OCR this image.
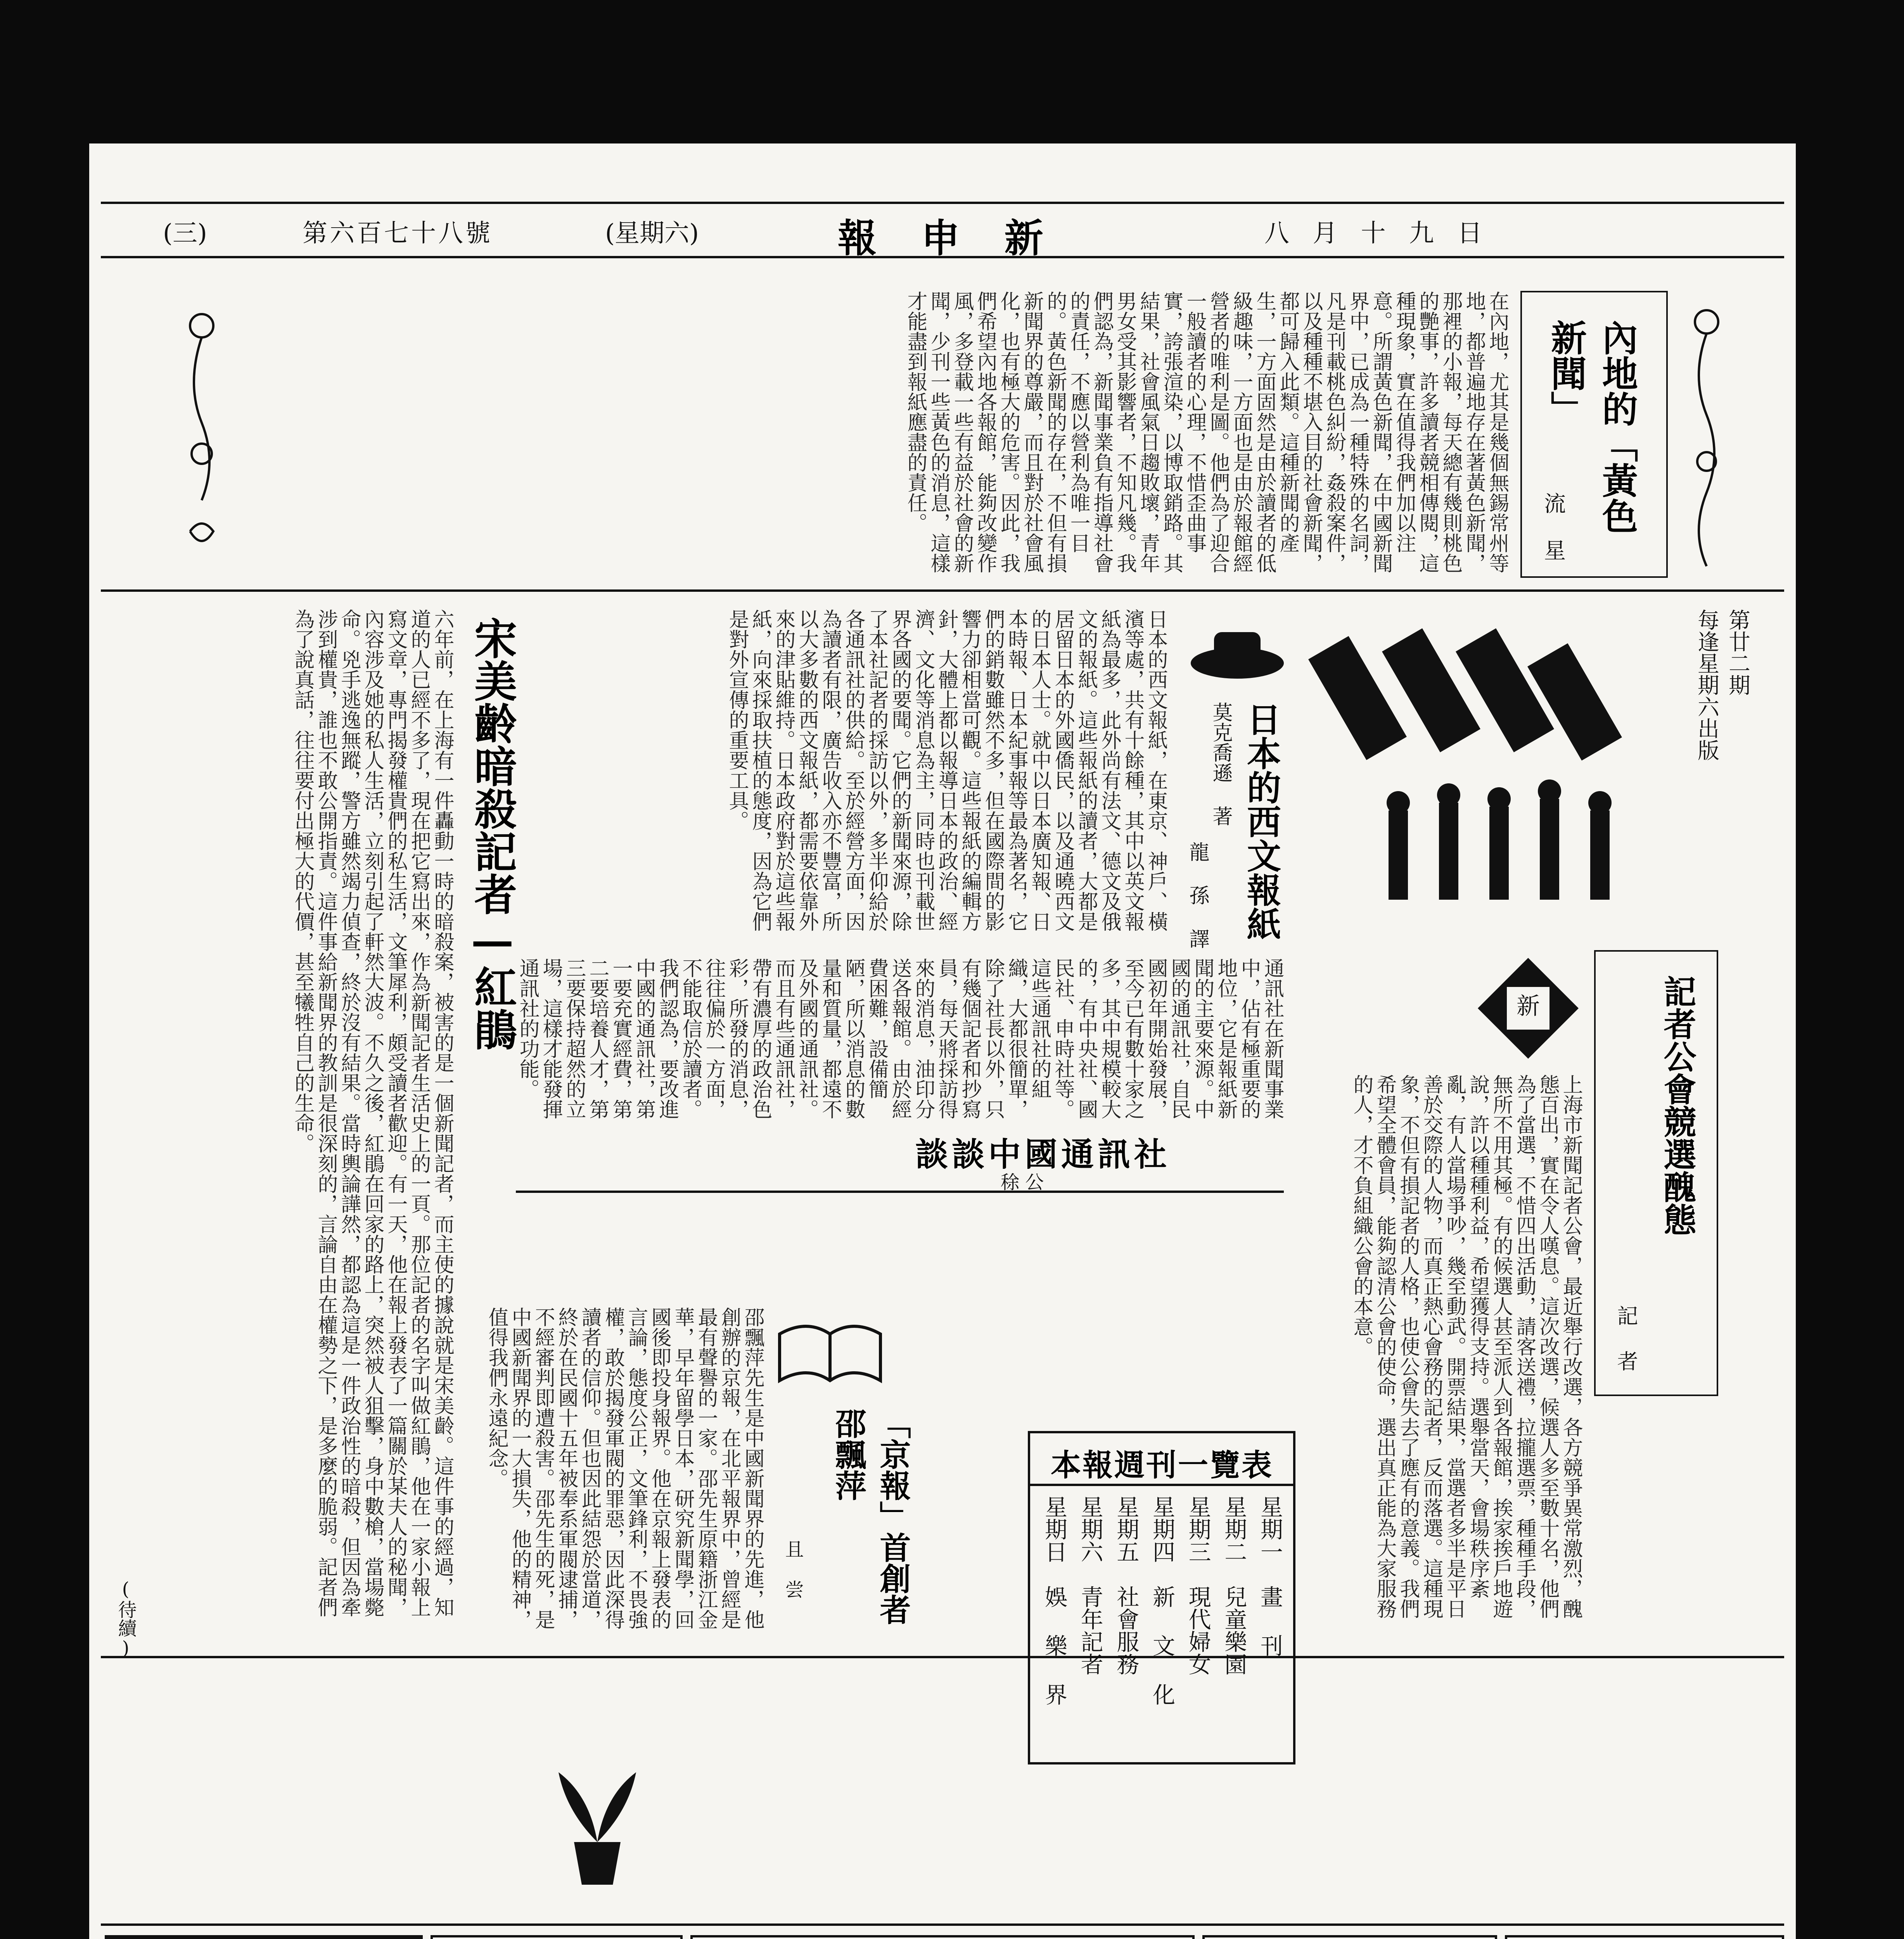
(三)	第六百七十八號	(星期六)	報 申 新	八 月 十 九 日
內地的「黃色新聞」
流 星
在內地，尤其是幾個無錫常州等地，都普遍地存在著黃色新聞，那裡的小報，每天總有幾則桃色的艷事，許多讀者競相傳閱，這種現象，實在值得我們加以注意。所謂黃色新聞，在中國新聞界中，已成為一種特殊的名詞，凡是刊載桃色糾紛，姦殺案件，以及種種不堪入目的社會新聞，都可歸入此類。這種新聞的產生，一方面固然是由於讀者的低級趣味，一方面也是由於報館經營者的唯利是圖。他們為了迎合一般讀者的心理，不惜歪曲事實，誇張渲染，以博取銷路。其結果，社會風氣日趨敗壞，青年男女受其影響者，不知凡幾。我們認為，新聞事業負有指導社會的責任，不應以營利為唯一目的。黃色新聞的存在，不但有損新聞界的尊嚴，而且對於社會風化，也有極大的危害。因此，我們希望內地各報館，能夠改變作風，多登載一些有益於社會的新聞，少刊一些黃色的消息，這樣才能盡到報紙應盡的責任。
第廿二期
每逢星期六出版
記者公會競選醜態
記 者
新
上海市新聞記者公會，最近舉行改選，各方競爭異常激烈，醜態百出，實在令人嘆息。這次改選，候選人多至數十名，他們為了當選，不惜四出活動，請客送禮，拉攏選票，種種手段，無所不用其極。有的候選人甚至派人到各報館，挨家挨戶地遊說，許以種種利益，希望獲得支持。選舉當天，會場秩序紊亂，有人當場爭吵，幾至動武。開票結果，當選者多半是平日善於交際的人物，而真正熱心會務的記者，反而落選。這種現象，不但有損記者的人格，也使公會失去了應有的意義。我們希望全體會員，能夠認清公會的使命，選出真正能為大家服務的人，才不負組織公會的本意。
日本的西文報紙
莫克喬遜 著
龍 孫 譯
日本的西文報紙，在東京、神戶、橫濱等處，共有十餘種，其中以英文報紙為最多，此外尚有法文、德文及俄文的報紙。這些報紙的讀者，大都是居留日本的外國僑民，以及通曉西文的日本人士。就中以日本廣知報、日本時報、日本紀事報等最為著名，它們的銷數雖然不多，但在國際間的影響力卻相當可觀。這些報紙的編輯方針，大體上都以報導日本的政治、經濟、文化等消息為主，同時也刊載世界各國的要聞。它們的新聞來源，除了本社記者的採訪以外，多半仰給於各通訊社的供給。至於經營方面，因為讀者有限，廣告收入亦不豐富，所以大多數的西文報紙，都需要依靠外來的津貼維持。日本政府對於這些報紙，向來採取扶植的態度，因為它們是對外宣傳的重要工具。
談談中國通訊社
稌 公
通訊社在新聞事業中，佔有極重要的地位，它是報紙新聞的主要來源。中國的通訊社，自民國初年開始發展，至今已有數十家之多，其中規模較大的，有中央社、國民社、申時社等。這些通訊社的組織，大都很簡單，除了社長以外，只有幾個記者和抄寫員，每天將採訪得來的消息，油印分送各報館。由於經費困難，設備簡陋，所以消息的數量和質量，都遠不及外國的通訊社。而且有些通訊社，帶有濃厚的政治色彩，所發的消息，往往偏於一方面，不能取信於讀者。我們認為，要改進中國的通訊社，第一要充實經費，第二要培養人才，第三要保持超然的立場，這樣才能發揮通訊社的功能。
宋美齡暗殺記者—紅鵑
六年前，在上海有一件轟動一時的暗殺案，被害的是一個新聞記者，而主使的據說就是宋美齡。這件事的經過，知道的人已經不多了，現在把它寫出來，作為新聞記者生活史上的一頁。那位記者的名字叫做紅鵑，他在一家小報上寫文章，專門揭發權貴們的私生活，文筆犀利，頗受讀者歡迎。有一天，他在報上發表了一篇關於某夫人的秘聞，內容涉及她的私人生活，立刻引起了軒然大波。不久之後，紅鵑在回家的路上，突然被人狙擊，身中數槍，當場斃命。兇手逃逸無蹤，警方雖然竭力偵查，終於沒有結果。當時輿論譁然，都認為這是一件政治性的暗殺，但因為牽涉到權貴，誰也不敢公開指責。這件事給新聞界的教訓是很深刻的，言論自由在權勢之下，是多麼的脆弱。記者們為了說真話，往往要付出極大的代價，甚至犧牲自己的生命。
(待續)	「京報」首創者邵飄萍
且 尝
邵飄萍先生是中國新聞界的先進，他創辦的京報，在北平報界中，曾經是最有聲譽的一家。邵先生原籍浙江金華，早年留學日本，研究新聞學，回國後即投身報界。他在京報上發表的言論，態度公正，文筆鋒利，不畏強權，敢於揭發軍閥的罪惡，因此深得讀者的信仰。但也因此結怨於當道，終於在民國十五年被奉系軍閥逮捕，不經審判即遭殺害。邵先生的死，是中國新聞界的一大損失，他的精神，值得我們永遠紀念。	本報週刊一覽表
星期一　畫 刊
星期二　兒童樂園
星期三　現代婦女
星期四　新 文 化
星期五　社會服務
星期六　青年記者
星期日　娛 樂 界
